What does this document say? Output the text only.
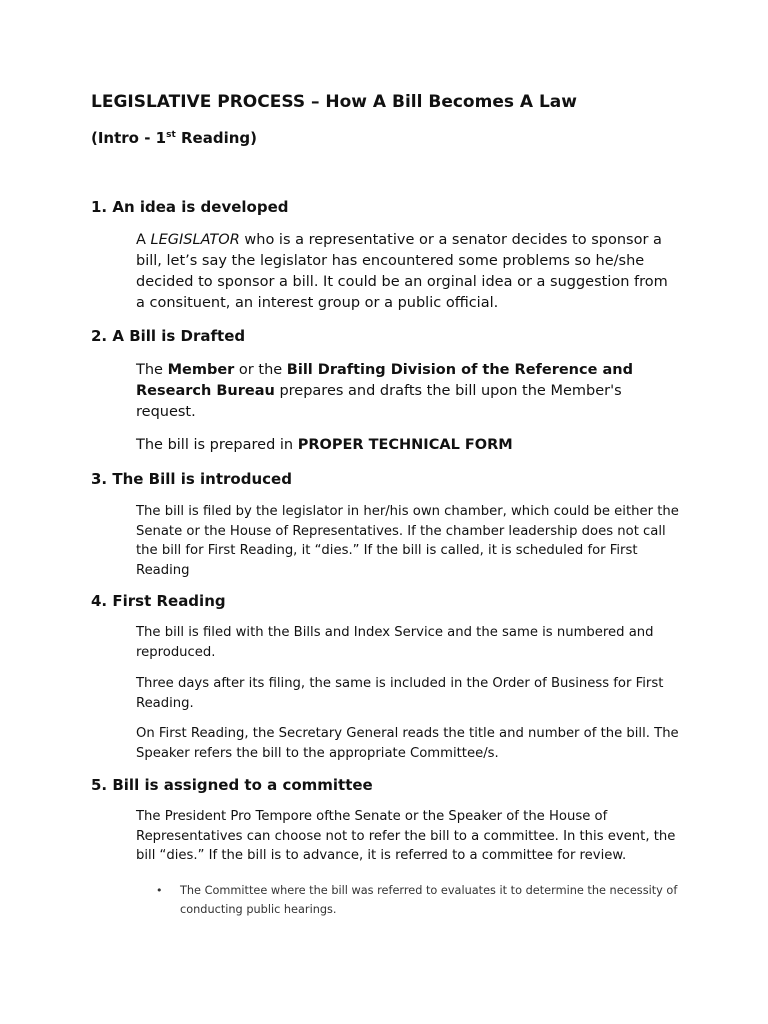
LEGISLATIVE PROCESS – How A Bill Becomes A Law

(Intro - 1st Reading)

1. An idea is developed

A LEGISLATOR who is a representative or a senator decides to sponsor a bill, let’s say the legislator has encountered some problems so he/she decided to sponsor a bill. It could be an orginal idea or a suggestion from a consituent, an interest group or a public official.

2. A Bill is Drafted

The Member or the Bill Drafting Division of the Reference and Research Bureau prepares and drafts the bill upon the Member's request.

The bill is prepared in PROPER TECHNICAL FORM

3. The Bill is introduced

The bill is filed by the legislator in her/his own chamber, which could be either the Senate or the House of Representatives. If the chamber leadership does not call the bill for First Reading, it “dies.” If the bill is called, it is scheduled for First Reading

4. First Reading

The bill is filed with the Bills and Index Service and the same is numbered and reproduced.

Three days after its filing, the same is included in the Order of Business for First Reading.

On First Reading, the Secretary General reads the title and number of the bill. The Speaker refers the bill to the appropriate Committee/s.

5. Bill is assigned to a committee

The President Pro Tempore ofthe Senate or the Speaker of the House of Representatives can choose not to refer the bill to a committee. In this event, the bill “dies.” If the bill is to advance, it is referred to a committee for review.

• The Committee where the bill was referred to evaluates it to determine the necessity of conducting public hearings.
